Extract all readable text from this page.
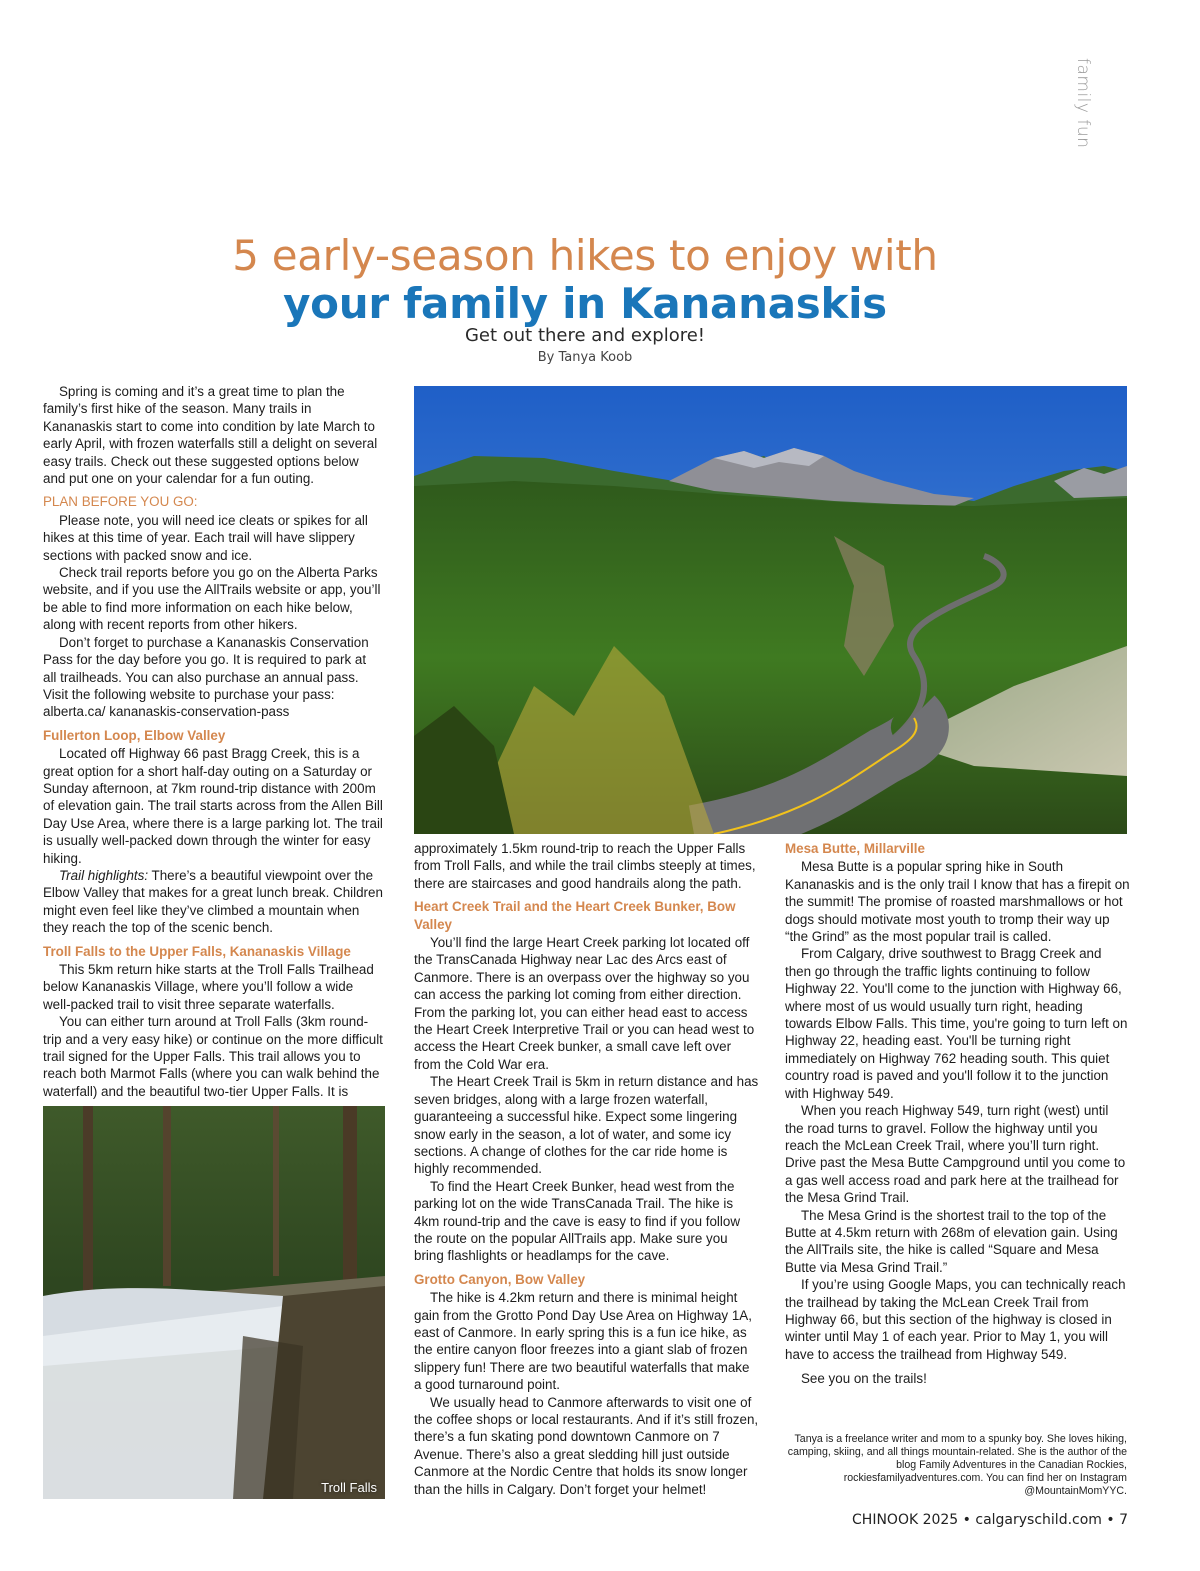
family fun
5 early-season hikes to enjoy with
your family in Kananaskis
Get out there and explore!
By Tanya Koob

Spring is coming and it’s a great time to plan the family’s first hike of the season. Many trails in Kananaskis start to come into condition by late March to early April, with frozen waterfalls still a delight on several easy trails. Check out these suggested options below and put one on your calendar for a fun outing.

PLAN BEFORE YOU GO:

Please note, you will need ice cleats or spikes for all hikes at this time of year. Each trail will have slippery sections with packed snow and ice.

Check trail reports before you go on the Alberta Parks website, and if you use the AllTrails website or app, you’ll be able to find more information on each hike below, along with recent reports from other hikers.

Don’t forget to purchase a Kananaskis Conservation Pass for the day before you go. It is required to park at all trailheads. You can also purchase an annual pass. Visit the following website to purchase your pass: alberta.ca/ kananaskis-conservation-pass

Fullerton Loop, Elbow Valley

Located off Highway 66 past Bragg Creek, this is a great option for a short half-day outing on a Saturday or Sunday afternoon, at 7km round-trip distance with 200m of elevation gain. The trail starts across from the Allen Bill Day Use Area, where there is a large parking lot. The trail is usually well-packed down through the winter for easy hiking.

Trail highlights: There’s a beautiful viewpoint over the Elbow Valley that makes for a great lunch break. Children might even feel like they’ve climbed a mountain when they reach the top of the scenic bench.

Troll Falls to the Upper Falls, Kananaskis Village

This 5km return hike starts at the Troll Falls Trailhead below Kananaskis Village, where you’ll follow a wide well-packed trail to visit three separate waterfalls.

You can either turn around at Troll Falls (3km round-trip and a very easy hike) or continue on the more difficult trail signed for the Upper Falls. This trail allows you to reach both Marmot Falls (where you can walk behind the waterfall) and the beautiful two-tier Upper Falls. It is

Troll Falls

approximately 1.5km round-trip to reach the Upper Falls from Troll Falls, and while the trail climbs steeply at times, there are staircases and good handrails along the path.

Heart Creek Trail and the Heart Creek Bunker, Bow Valley

You’ll find the large Heart Creek parking lot located off the TransCanada Highway near Lac des Arcs east of Canmore. There is an overpass over the highway so you can access the parking lot coming from either direction. From the parking lot, you can either head east to access the Heart Creek Interpretive Trail or you can head west to access the Heart Creek bunker, a small cave left over from the Cold War era.

The Heart Creek Trail is 5km in return distance and has seven bridges, along with a large frozen waterfall, guaranteeing a successful hike. Expect some lingering snow early in the season, a lot of water, and some icy sections. A change of clothes for the car ride home is highly recommended.

To find the Heart Creek Bunker, head west from the parking lot on the wide TransCanada Trail. The hike is 4km round-trip and the cave is easy to find if you follow the route on the popular AllTrails app. Make sure you bring flashlights or headlamps for the cave.

Grotto Canyon, Bow Valley

The hike is 4.2km return and there is minimal height gain from the Grotto Pond Day Use Area on Highway 1A, east of Canmore. In early spring this is a fun ice hike, as the entire canyon floor freezes into a giant slab of frozen slippery fun! There are two beautiful waterfalls that make a good turnaround point.

We usually head to Canmore afterwards to visit one of the coffee shops or local restaurants. And if it’s still frozen, there’s a fun skating pond downtown Canmore on 7 Avenue. There’s also a great sledding hill just outside Canmore at the Nordic Centre that holds its snow longer than the hills in Calgary. Don’t forget your helmet!

Mesa Butte, Millarville

Mesa Butte is a popular spring hike in South Kananaskis and is the only trail I know that has a firepit on the summit! The promise of roasted marshmallows or hot dogs should motivate most youth to tromp their way up “the Grind” as the most popular trail is called.

From Calgary, drive southwest to Bragg Creek and then go through the traffic lights continuing to follow Highway 22. You'll come to the junction with Highway 66, where most of us would usually turn right, heading towards Elbow Falls. This time, you're going to turn left on Highway 22, heading east. You'll be turning right immediately on Highway 762 heading south. This quiet country road is paved and you'll follow it to the junction with Highway 549.

When you reach Highway 549, turn right (west) until the road turns to gravel. Follow the highway until you reach the McLean Creek Trail, where you’ll turn right. Drive past the Mesa Butte Campground until you come to a gas well access road and park here at the trailhead for the Mesa Grind Trail.

The Mesa Grind is the shortest trail to the top of the Butte at 4.5km return with 268m of elevation gain. Using the AllTrails site, the hike is called “Square and Mesa Butte via Mesa Grind Trail.”

If you’re using Google Maps, you can technically reach the trailhead by taking the McLean Creek Trail from Highway 66, but this section of the highway is closed in winter until May 1 of each year. Prior to May 1, you will have to access the trailhead from Highway 549.

See you on the trails!

Tanya is a freelance writer and mom to a spunky boy. She loves hiking, camping, skiing, and all things mountain-related. She is the author of the blog Family Adventures in the Canadian Rockies, rockiesfamilyadventures.com. You can find her on Instagram @MountainMomYYC.
CHINOOK 2025 • calgaryschild.com • 7
